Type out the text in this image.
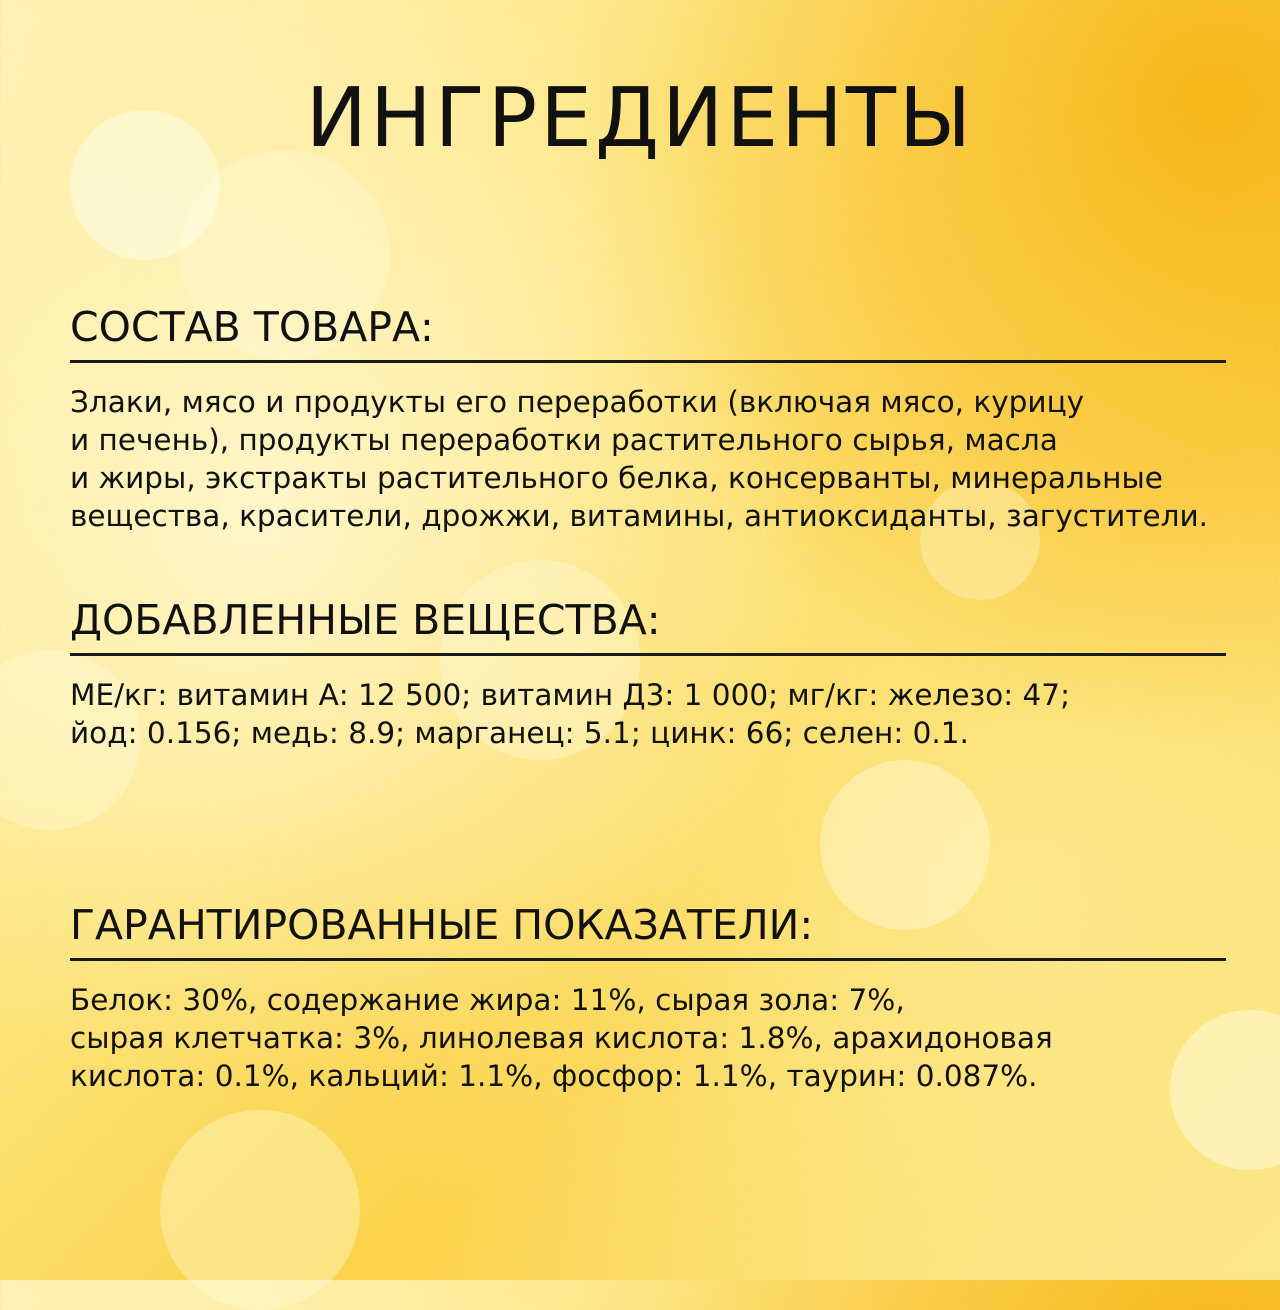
ИНГРЕДИЕНТЫ
СОСТАВ ТОВАРА:
Злаки, мясо и продукты его переработки (включая мясо, курицу
и печень), продукты переработки растительного сырья, масла
и жиры, экстракты растительного белка, консерванты, минеральные
вещества, красители, дрожжи, витамины, антиоксиданты, загустители.
ДОБАВЛЕННЫЕ ВЕЩЕСТВА:
МЕ/кг: витамин А: 12 500; витамин Д3: 1 000; мг/кг: железо: 47;
йод: 0.156; медь: 8.9; марганец: 5.1; цинк: 66; селен: 0.1.
ГАРАНТИРОВАННЫЕ ПОКАЗАТЕЛИ:
Белок: 30%, содержание жира: 11%, сырая зола: 7%,
сырая клетчатка: 3%, линолевая кислота: 1.8%, арахидоновая
кислота: 0.1%, кальций: 1.1%, фосфор: 1.1%, таурин: 0.087%.
